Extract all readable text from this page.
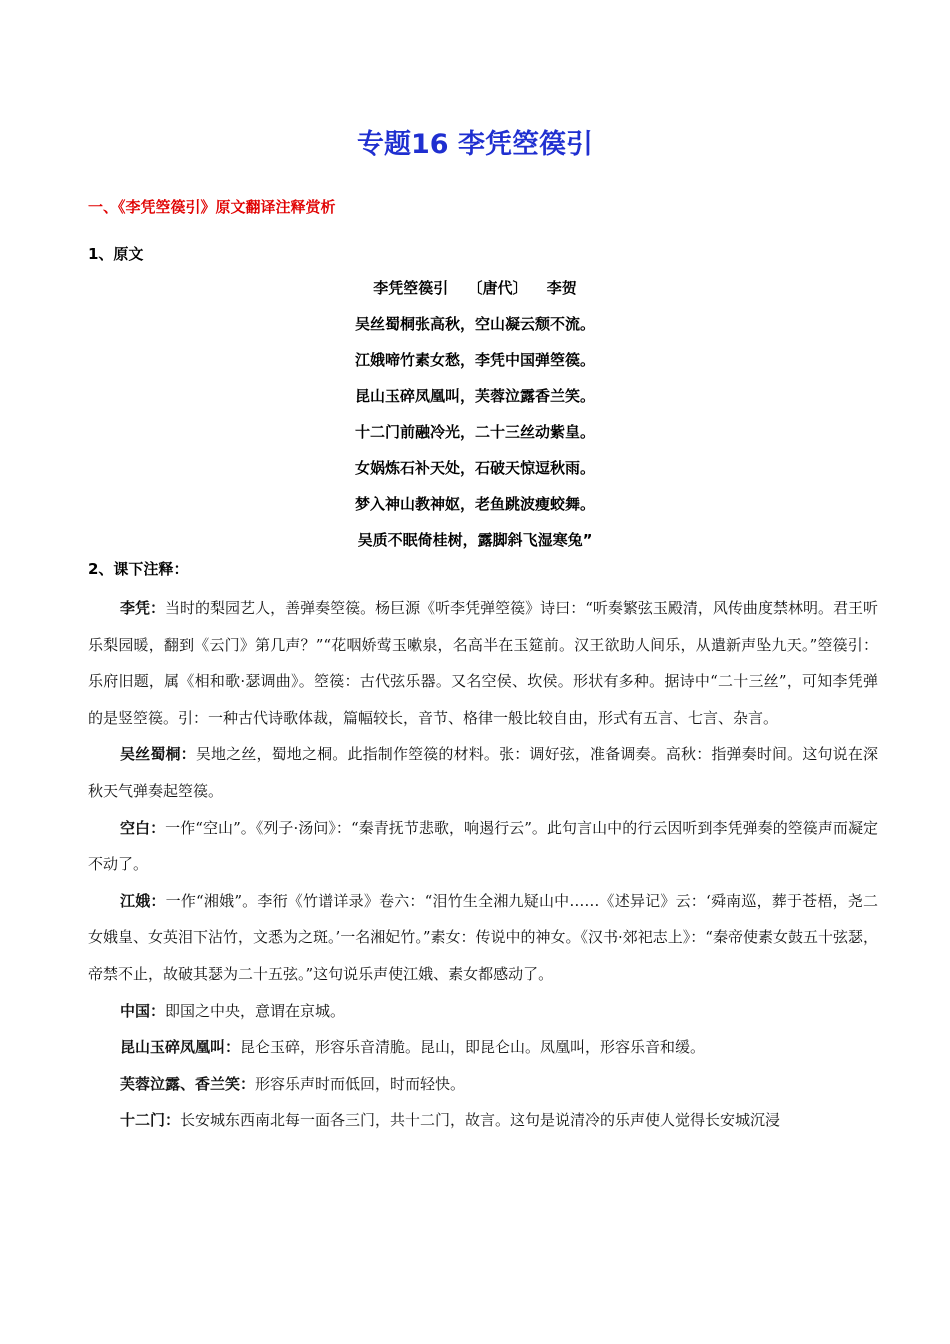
专题16 李凭箜篌引
一、《李凭箜篌引》原文翻译注释赏析
1、原文
李凭箜篌引 〔唐代〕 李贺
吴丝蜀桐张高秋，空山凝云颓不流。
江娥啼竹素女愁，李凭中国弹箜篌。
昆山玉碎凤凰叫，芙蓉泣露香兰笑。
十二门前融冷光，二十三丝动紫皇。
女娲炼石补天处，石破天惊逗秋雨。
梦入神山教神妪，老鱼跳波瘦蛟舞。
吴质不眠倚桂树，露脚斜飞湿寒兔”
2、课下注释：

李凭：当时的梨园艺人，善弹奏箜篌。杨巨源《听李凭弹箜篌》诗曰：“听奏繁弦玉殿清，风传曲度禁林明。君王听乐梨园暖，翻到《云门》第几声？”“花咽娇莺玉嗽泉，名高半在玉筵前。汉王欲助人间乐，从遣新声坠九天。”箜篌引：乐府旧题，属《相和歌·瑟调曲》。箜篌：古代弦乐器。又名空侯、坎侯。形状有多种。据诗中“二十三丝”，可知李凭弹的是竖箜篌。引：一种古代诗歌体裁，篇幅较长，音节、格律一般比较自由，形式有五言、七言、杂言。

吴丝蜀桐：吴地之丝，蜀地之桐。此指制作箜篌的材料。张：调好弦，准备调奏。高秋：指弹奏时间。这句说在深秋天气弹奏起箜篌。

空白：一作“空山”。《列子·汤问》：“秦青抚节悲歌，响遏行云”。此句言山中的行云因听到李凭弹奏的箜篌声而凝定不动了。

江娥：一作“湘娥”。李衎《竹谱详录》卷六：“泪竹生全湘九疑山中……《述异记》云：‘舜南巡，葬于苍梧，尧二女娥皇、女英泪下沾竹，文悉为之斑。’一名湘妃竹。”素女：传说中的神女。《汉书·郊祀志上》：“秦帝使素女鼓五十弦瑟，帝禁不止，故破其瑟为二十五弦。”这句说乐声使江娥、素女都感动了。

中国：即国之中央，意谓在京城。

昆山玉碎凤凰叫：昆仑玉碎，形容乐音清脆。昆山，即昆仑山。凤凰叫，形容乐音和缓。

芙蓉泣露、香兰笑：形容乐声时而低回，时而轻快。

十二门：长安城东西南北每一面各三门，共十二门，故言。这句是说清冷的乐声使人觉得长安城沉浸
